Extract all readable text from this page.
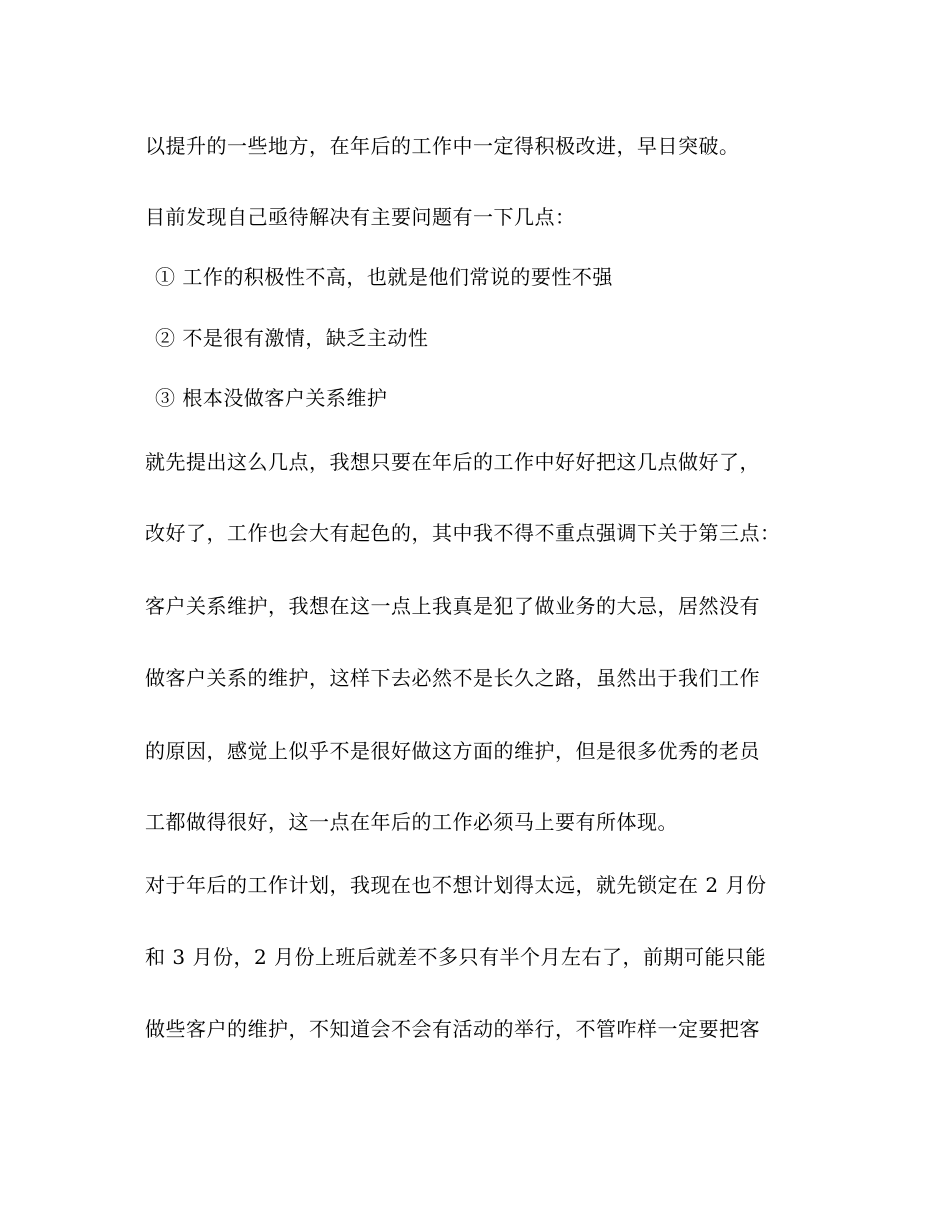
以提升的一些地方，在年后的工作中一定得积极改进，早日突破。
目前发现自己亟待解决有主要问题有一下几点：
① 工作的积极性不高，也就是他们常说的要性不强
② 不是很有激情，缺乏主动性
③ 根本没做客户关系维护
就先提出这么几点，我想只要在年后的工作中好好把这几点做好了，
改好了，工作也会大有起色的，其中我不得不重点强调下关于第三点：
客户关系维护，我想在这一点上我真是犯了做业务的大忌，居然没有
做客户关系的维护，这样下去必然不是长久之路，虽然出于我们工作
的原因，感觉上似乎不是很好做这方面的维护，但是很多优秀的老员
工都做得很好，这一点在年后的工作必须马上要有所体现。
对于年后的工作计划，我现在也不想计划得太远，就先锁定在 2 月份
和 3 月份，2 月份上班后就差不多只有半个月左右了，前期可能只能
做些客户的维护，不知道会不会有活动的举行，不管咋样一定要把客
